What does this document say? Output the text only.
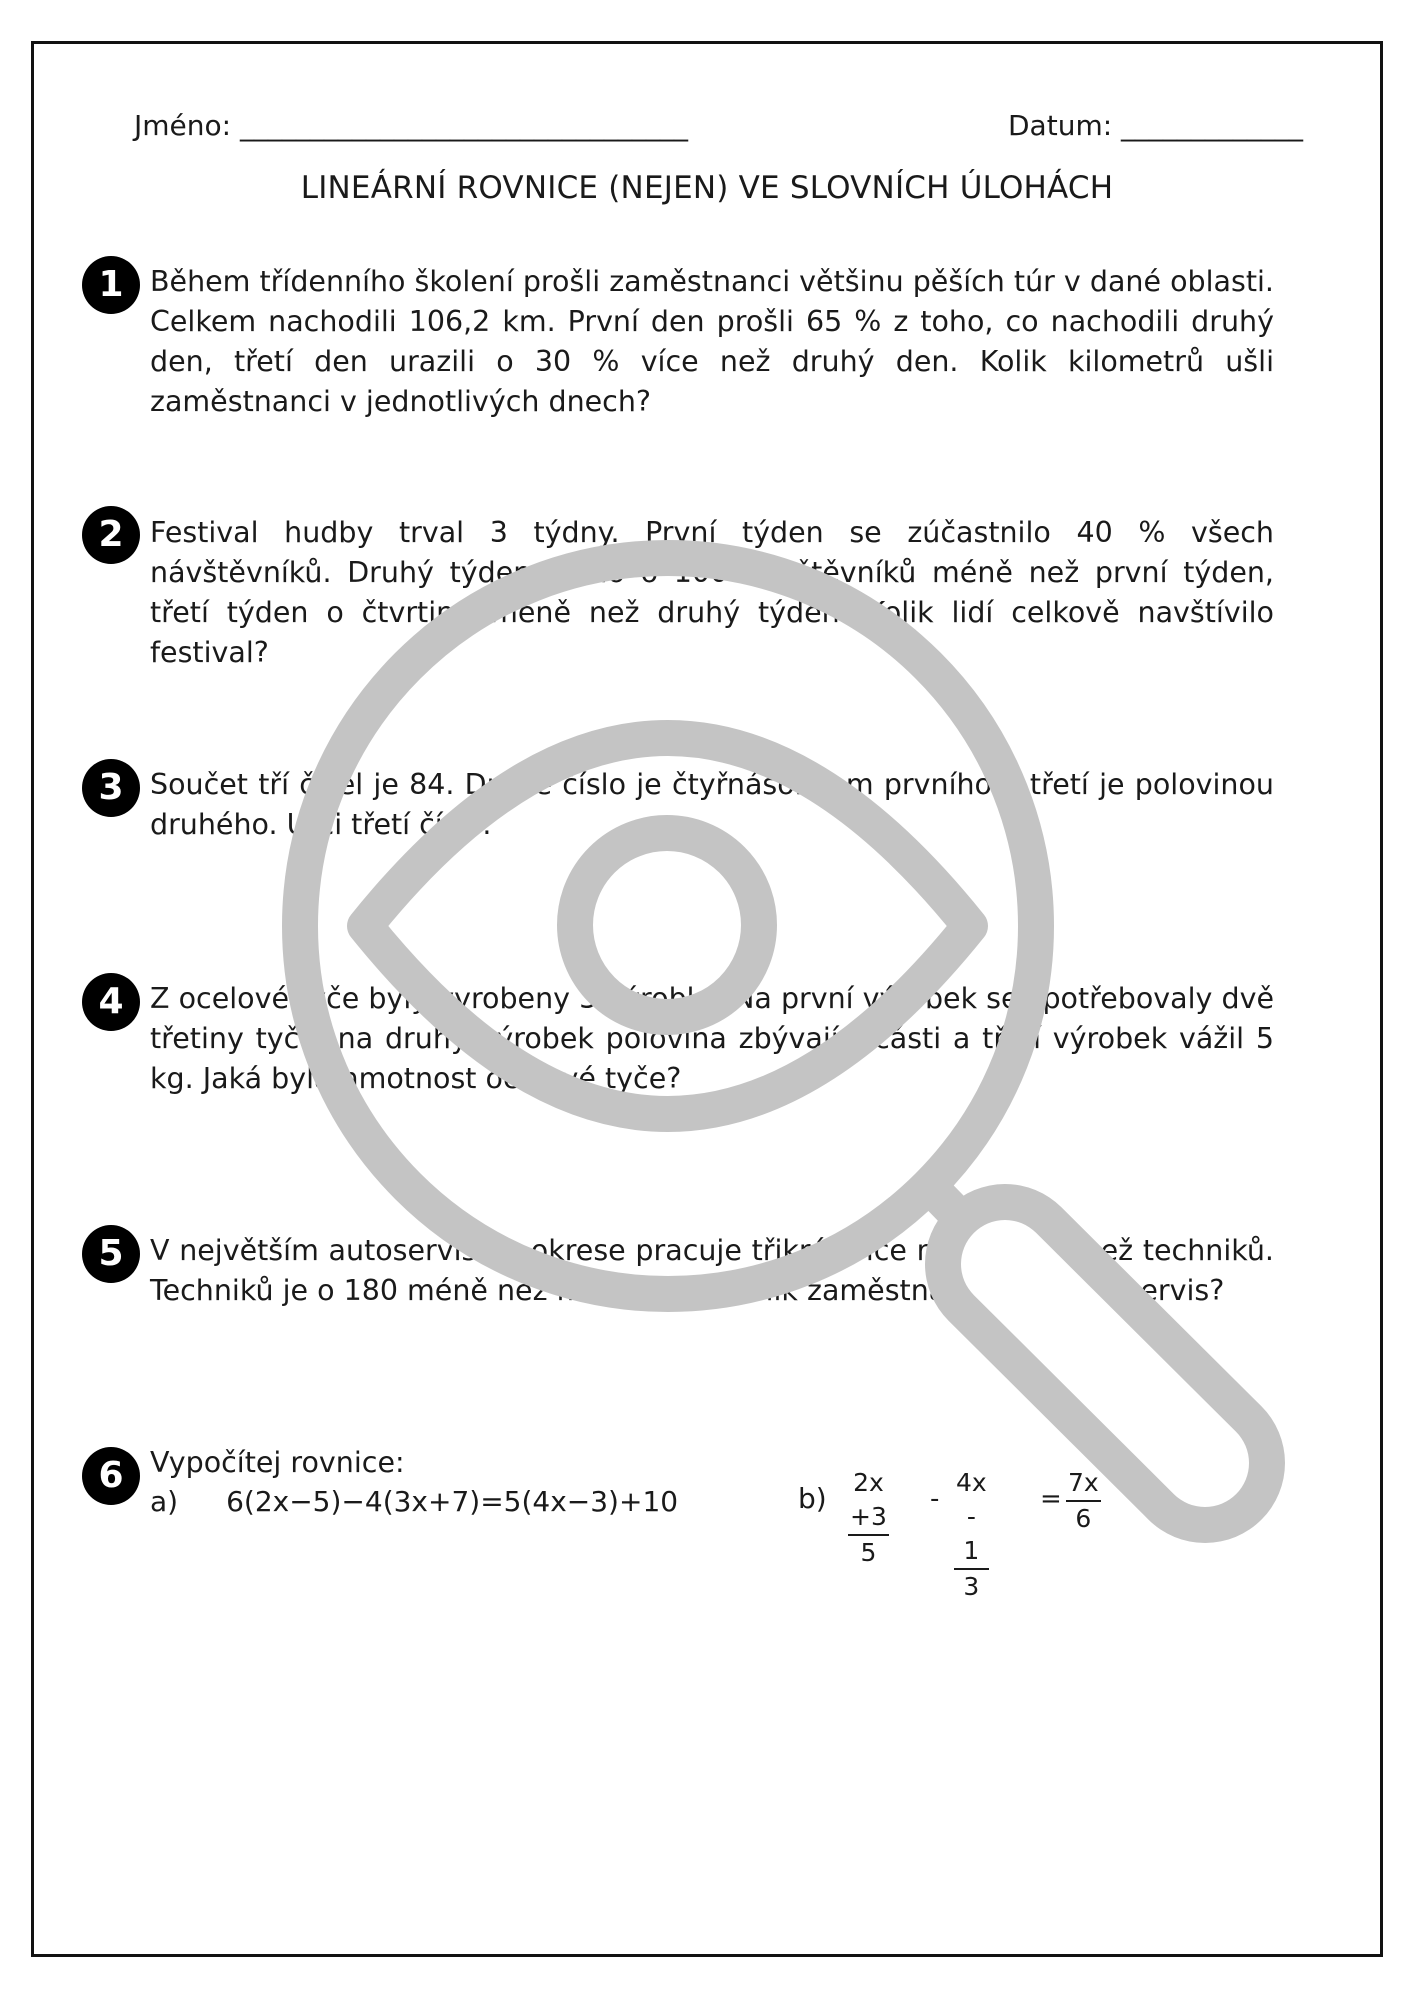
Jméno: ________________________________	Datum: _____________
LINEÁRNÍ ROVNICE (NEJEN) VE SLOVNÍCH ÚLOHÁCH
1 Během třídenního školení prošli zaměstnanci většinu pěších túr v dané oblasti. Celkem nachodili 106,2 km. První den prošli 65 % z toho, co nachodili druhý den, třetí den urazili o 30 % více než druhý den. Kolik kilometrů ušli zaměstnanci v jednotlivých dnech?
2 Festival hudby trval 3 týdny. První týden se zúčastnilo 40 % všech návštěvníků. Druhý týden přišlo o 100 návštěvníků méně než první týden, třetí týden o čtvrtinu méně než druhý týden. Kolik lidí celkově navštívilo festival?
3 Součet tří čísel je 84. Druhé číslo je čtyřnásobkem prvního a třetí je polovinou druhého. Urči třetí číslo.
4 Z ocelové tyče byly vyrobeny 3 výrobky. Na první výrobek se spotřebovaly dvě třetiny tyče, na druhý výrobek polovina zbývající části a třetí výrobek vážil 5 kg. Jaká byla hmotnost ocelové tyče?
5 V největším autoservisu v okrese pracuje třikrát více mechaniků než techniků. Techniků je o 180 méně než mechaniků. Kolik zaměstnanců má autoservis?
6 Vypočítej rovnice:
a) 6(2x−5)−4(3x+7)=5(4x−3)+10	b) 2x +3
5
-
4x - 1
3
=
7x
6
